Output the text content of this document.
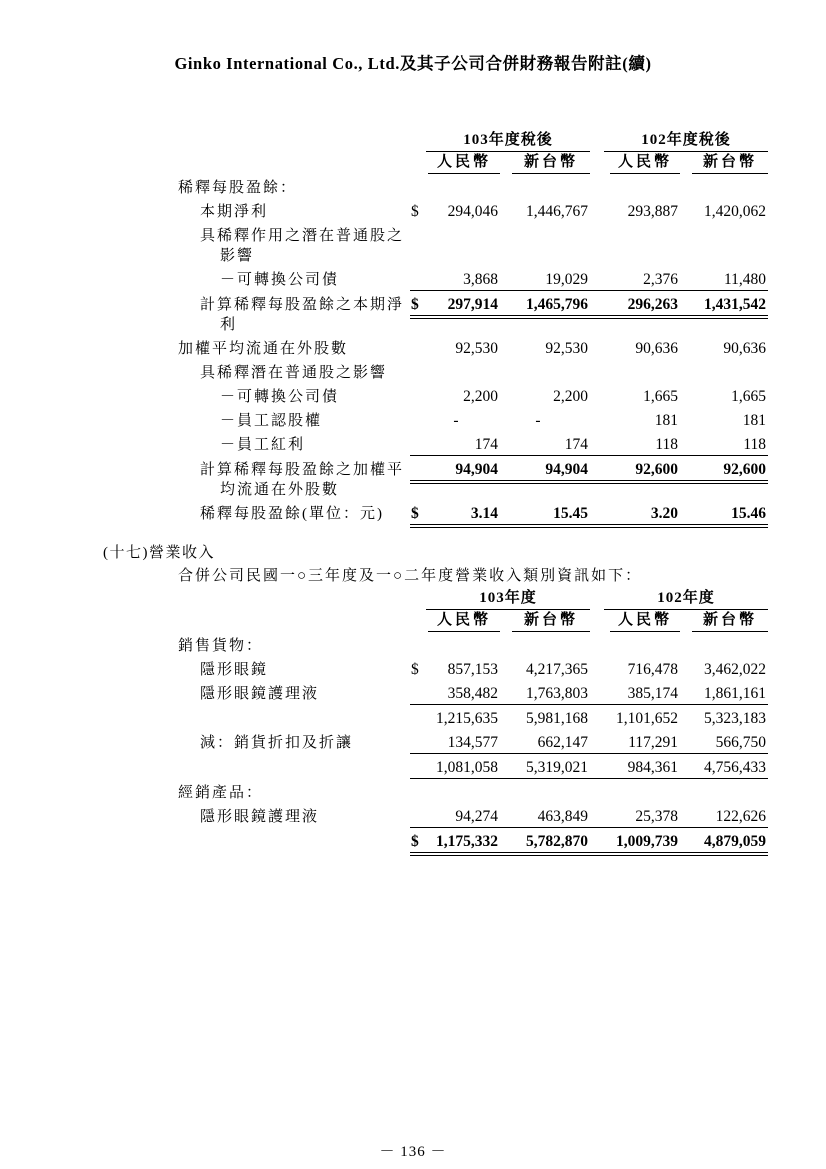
Ginko International Co., Ltd.及其子公司合併財務報告附註(續)

		103年度稅後			102年度稅後	

		人民幣	新台幣		人民幣	新台幣

稀釋每股盈餘：						

本期淨利	$	294,046	1,446,767		293,887	1,420,062

具稀釋作用之潛在普通股之影響						

－可轉換公司債		3,868	19,029		2,376	11,480

計算稀釋每股盈餘之本期淨利	$	297,914	1,465,796		296,263	1,431,542

加權平均流通在外股數		92,530	92,530		90,636	90,636

具稀釋潛在普通股之影響						

－可轉換公司債		2,200	2,200		1,665	1,665

－員工認股權		-	-		181	181

－員工紅利		174	174		118	118

計算稀釋每股盈餘之加權平均流通在外股數		94,904	94,904		92,600	92,600

稀釋每股盈餘(單位：元)	$	3.14	15.45		3.20	15.46
(十七)營業收入
合併公司民國一○三年度及一○二年度營業收入類別資訊如下：

		103年度			102年度	

		人民幣	新台幣		人民幣	新台幣

銷售貨物：						

隱形眼鏡	$	857,153	4,217,365		716,478	3,462,022

隱形眼鏡護理液		358,482	1,763,803		385,174	1,861,161

		1,215,635	5,981,168		1,101,652	5,323,183

減：銷貨折扣及折讓		134,577	662,147		117,291	566,750

		1,081,058	5,319,021		984,361	4,756,433

經銷產品：						

隱形眼鏡護理液		94,274	463,849		25,378	122,626

	$	1,175,332	5,782,870		1,009,739	4,879,059
－ 136 －
